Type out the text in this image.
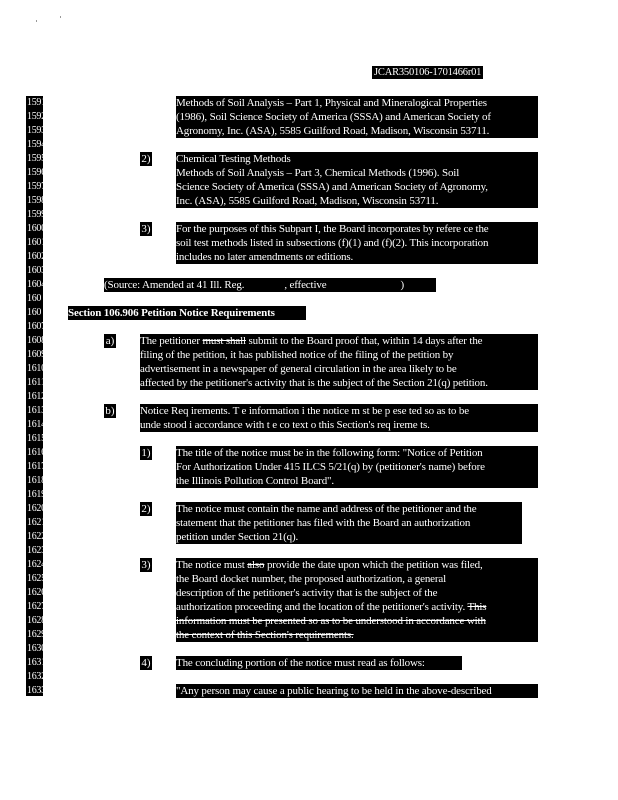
JCAR350106-1701466r01
1591
1592
1593
1594
1595
1596
1597
1598
1599
1600
1601
1602
1603
1604
160
160
1607
1608
1609
1610
1611
1612
1613
1614
1615
1616
1617
1618
1619
1620
1621
1622
1623
1624
1625
1626
1627
1628
1629
1630
1631
1632
1633
Methods of Soil Analysis – Part 1, Physical and Mineralogical Properties
(1986), Soil Science Society of America (SSSA) and American Society of
Agronomy, Inc. (ASA), 5585 Guilford Road, Madison, Wisconsin 53711.
2) Chemical Testing Methods
Methods of Soil Analysis – Part 3, Chemical Methods (1996). Soil
Science Society of America (SSSA) and American Society of Agronomy,
Inc. (ASA), 5585 Guilford Road, Madison, Wisconsin 53711.
3) For the purposes of this Subpart I, the Board incorporates by refere ce the
soil test methods listed in subsections (f)(1) and (f)(2). This incorporation
includes no later amendments or editions.
(Source: Amended at 41 Ill. Reg.	, effective	)
Section 106.906 Petition Notice Requirements
a) The petitioner must shall submit to the Board proof that, within 14 days after the
filing of the petition, it has published notice of the filing of the petition by
advertisement in a newspaper of general circulation in the area likely to be
affected by the petitioner's activity that is the subject of the Section 21(q) petition.
b) Notice Req irements. T e information i the notice m st be p ese ted so as to be
unde stood i accordance with t e co text o this Section's req ireme ts.
1) The title of the notice must be in the following form: "Notice of Petition
For Authorization Under 415 ILCS 5/21(q) by (petitioner's name) before
the Illinois Pollution Control Board".
2) The notice must contain the name and address of the petitioner and the
statement that the petitioner has filed with the Board an authorization
petition under Section 21(q).
3) The notice must also provide the date upon which the petition was filed,
the Board docket number, the proposed authorization, a general
description of the petitioner's activity that is the subject of the
authorization proceeding and the location of the petitioner's activity. This
information must be presented so as to be understood in accordance with
the context of this Section's requirements.
4) The concluding portion of the notice must read as follows:
"Any person may cause a public hearing to be held in the above-described
